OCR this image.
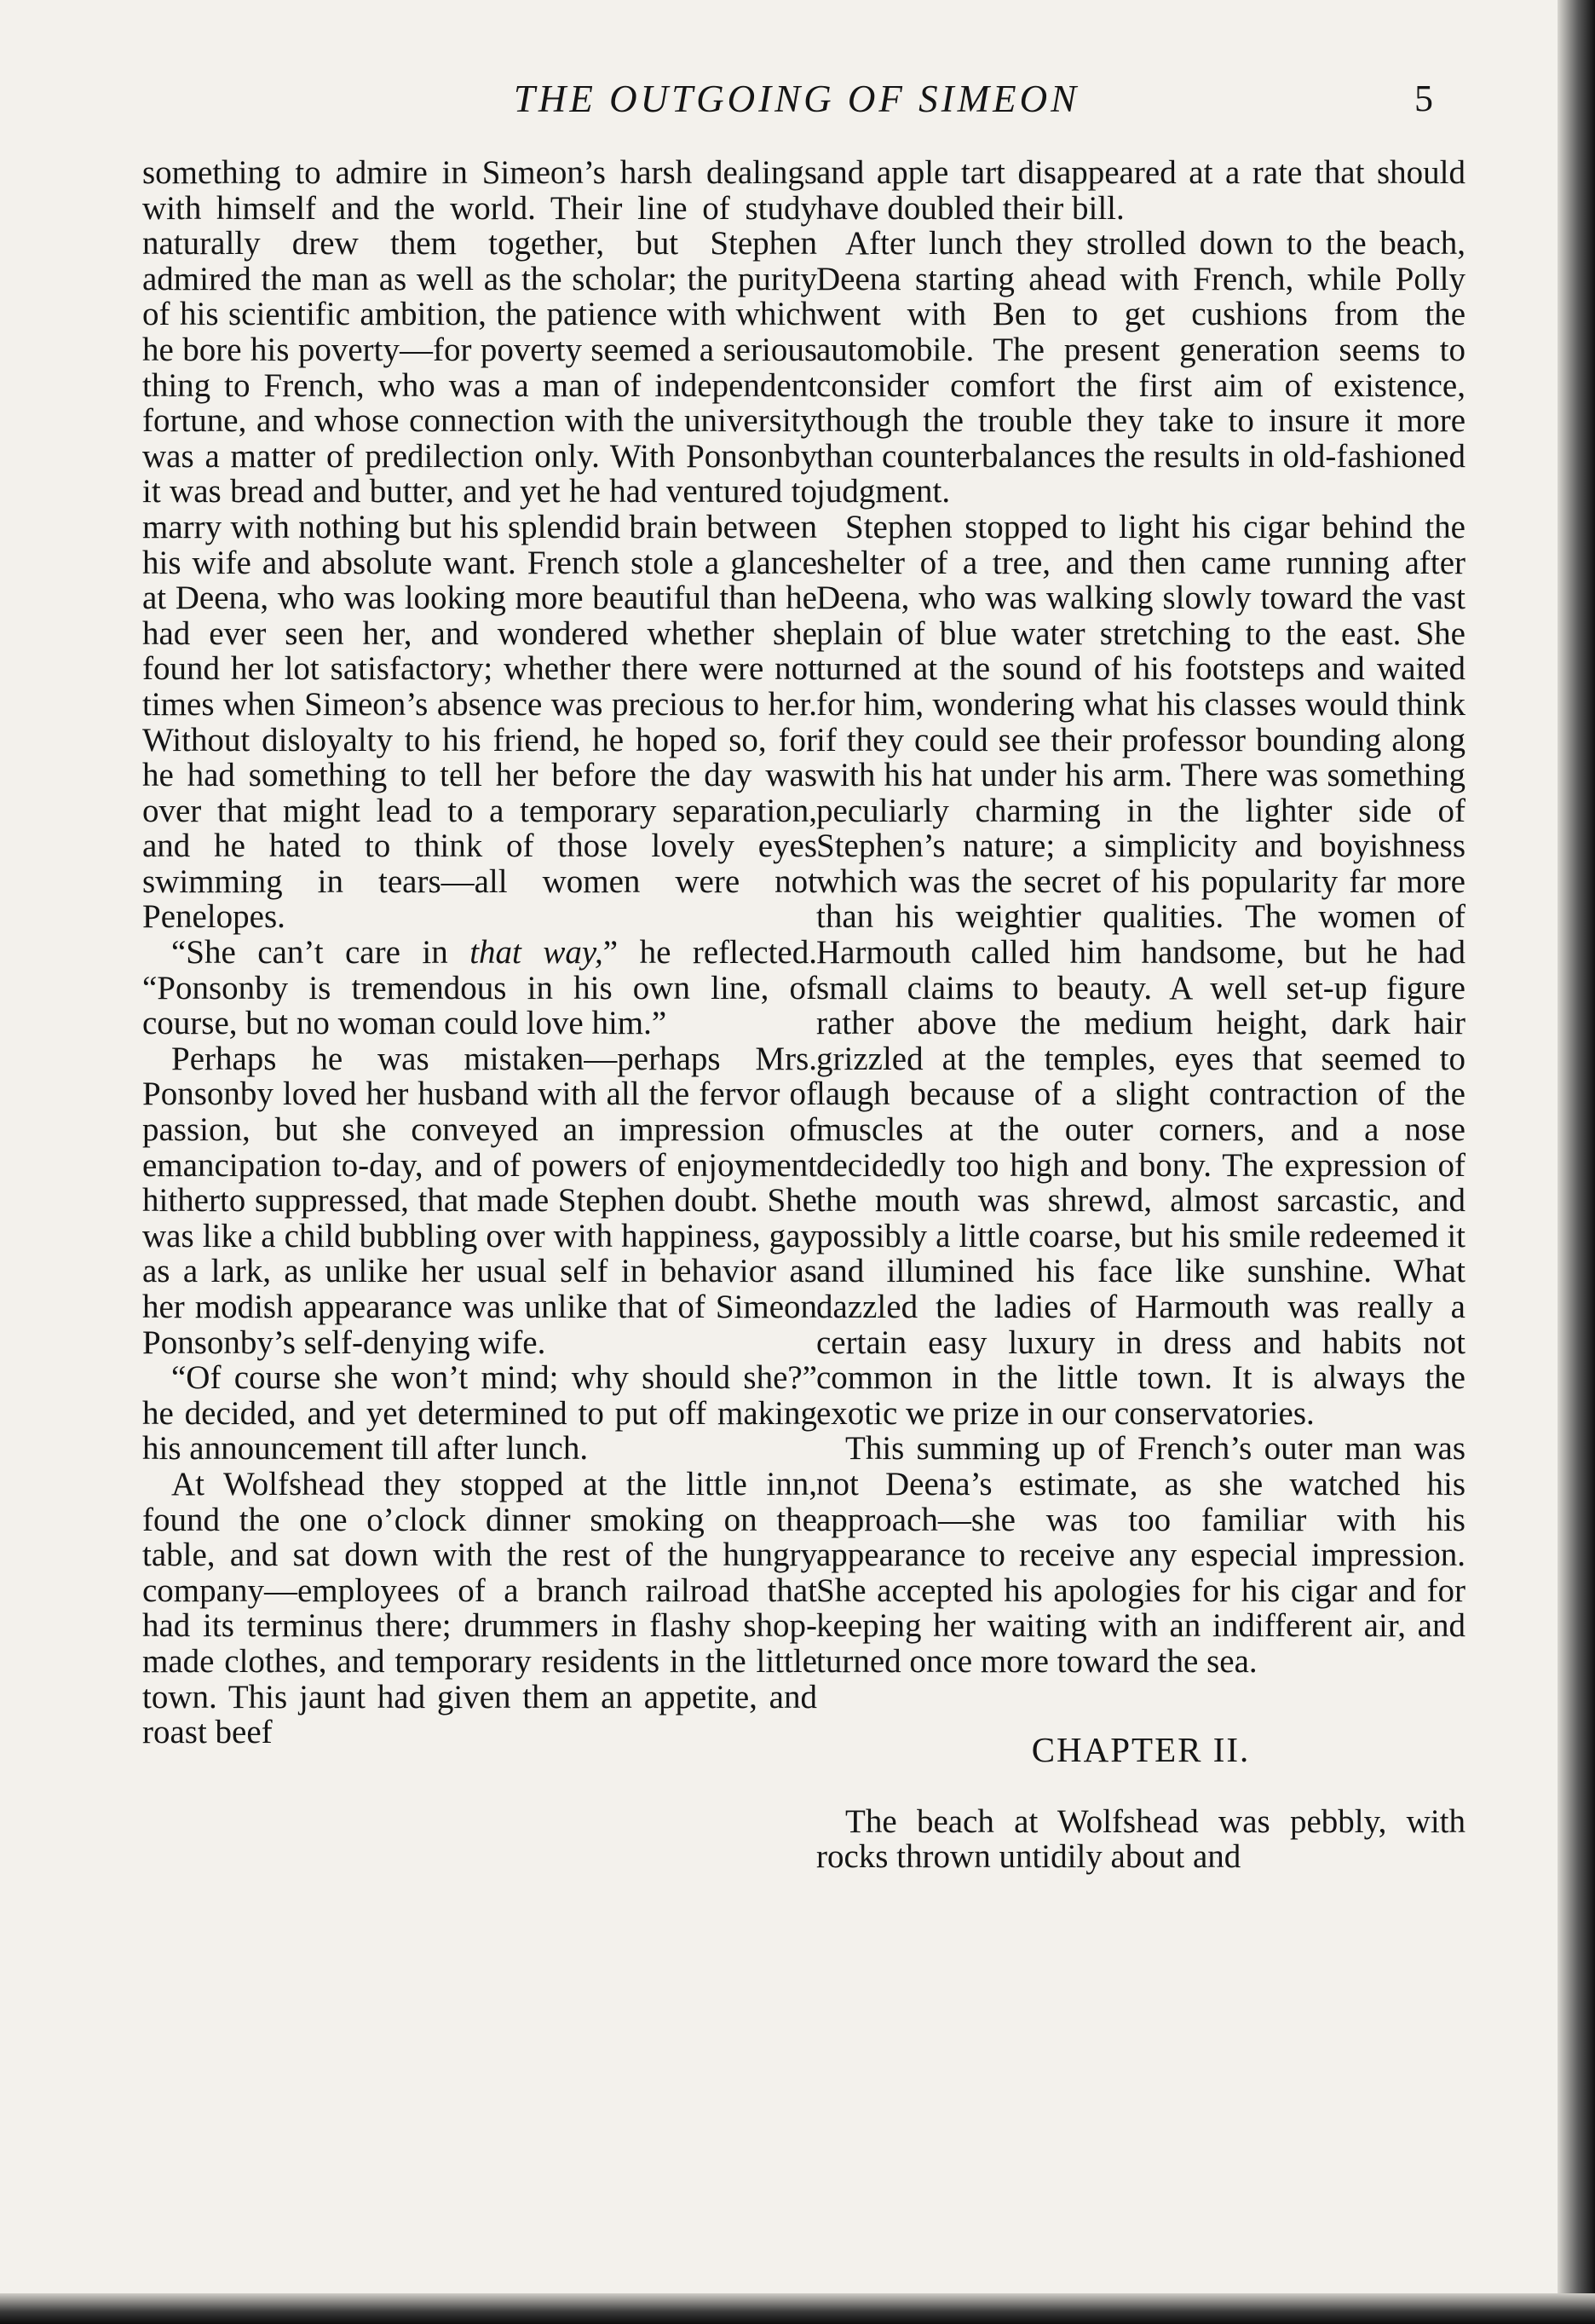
THE OUTGOING OF SIMEON	5

something to admire in Simeon’s harsh dealings with himself and the world. Their line of study naturally drew them together, but Stephen admired the man as well as the scholar; the purity of his scientific ambition, the patience with which he bore his poverty—for poverty seemed a serious thing to French, who was a man of independent fortune, and whose connection with the university was a matter of predilection only. With Ponsonby it was bread and butter, and yet he had ventured to marry with nothing but his splendid brain between his wife and absolute want. French stole a glance at Deena, who was looking more beautiful than he had ever seen her, and wondered whether she found her lot satisfactory; whether there were not times when Simeon’s absence was precious to her. Without disloyalty to his friend, he hoped so, for he had something to tell her before the day was over that might lead to a temporary separation, and he hated to think of those lovely eyes swimming in tears—all women were not Penelopes.

“She can’t care in that way,” he reflected. “Ponsonby is tremendous in his own line, of course, but no woman could love him.”

Perhaps he was mistaken—perhaps Mrs. Ponsonby loved her husband with all the fervor of passion, but she conveyed an impression of emancipation to-day, and of powers of enjoyment hitherto suppressed, that made Stephen doubt. She was like a child bubbling over with happiness, gay as a lark, as unlike her usual self in behavior as her modish appearance was unlike that of Simeon Ponsonby’s self-denying wife.

“Of course she won’t mind; why should she?” he decided, and yet determined to put off making his announcement till after lunch.

At Wolfshead they stopped at the little inn, found the one o’clock dinner smoking on the table, and sat down with the rest of the hungry company—employees of a branch railroad that had its terminus there; drummers in flashy shop-made clothes, and temporary residents in the little town. This jaunt had given them an appetite, and roast beef

and apple tart disappeared at a rate that should have doubled their bill.

After lunch they strolled down to the beach, Deena starting ahead with French, while Polly went with Ben to get cushions from the automobile. The present generation seems to consider comfort the first aim of existence, though the trouble they take to insure it more than counterbalances the results in old-fashioned judgment.

Stephen stopped to light his cigar behind the shelter of a tree, and then came running after Deena, who was walking slowly toward the vast plain of blue water stretching to the east. She turned at the sound of his footsteps and waited for him, wondering what his classes would think if they could see their professor bounding along with his hat under his arm. There was something peculiarly charming in the lighter side of Stephen’s nature; a simplicity and boyishness which was the secret of his popularity far more than his weightier qualities. The women of Harmouth called him handsome, but he had small claims to beauty. A well set-up figure rather above the medium height, dark hair grizzled at the temples, eyes that seemed to laugh because of a slight contraction of the muscles at the outer corners, and a nose decidedly too high and bony. The expression of the mouth was shrewd, almost sarcastic, and possibly a little coarse, but his smile redeemed it and illumined his face like sunshine. What dazzled the ladies of Harmouth was really a certain easy luxury in dress and habits not common in the little town. It is always the exotic we prize in our conservatories.

This summing up of French’s outer man was not Deena’s estimate, as she watched his approach—she was too familiar with his appearance to receive any especial impression. She accepted his apologies for his cigar and for keeping her waiting with an indifferent air, and turned once more toward the sea.

CHAPTER II.

The beach at Wolfshead was pebbly, with rocks thrown untidily about and
